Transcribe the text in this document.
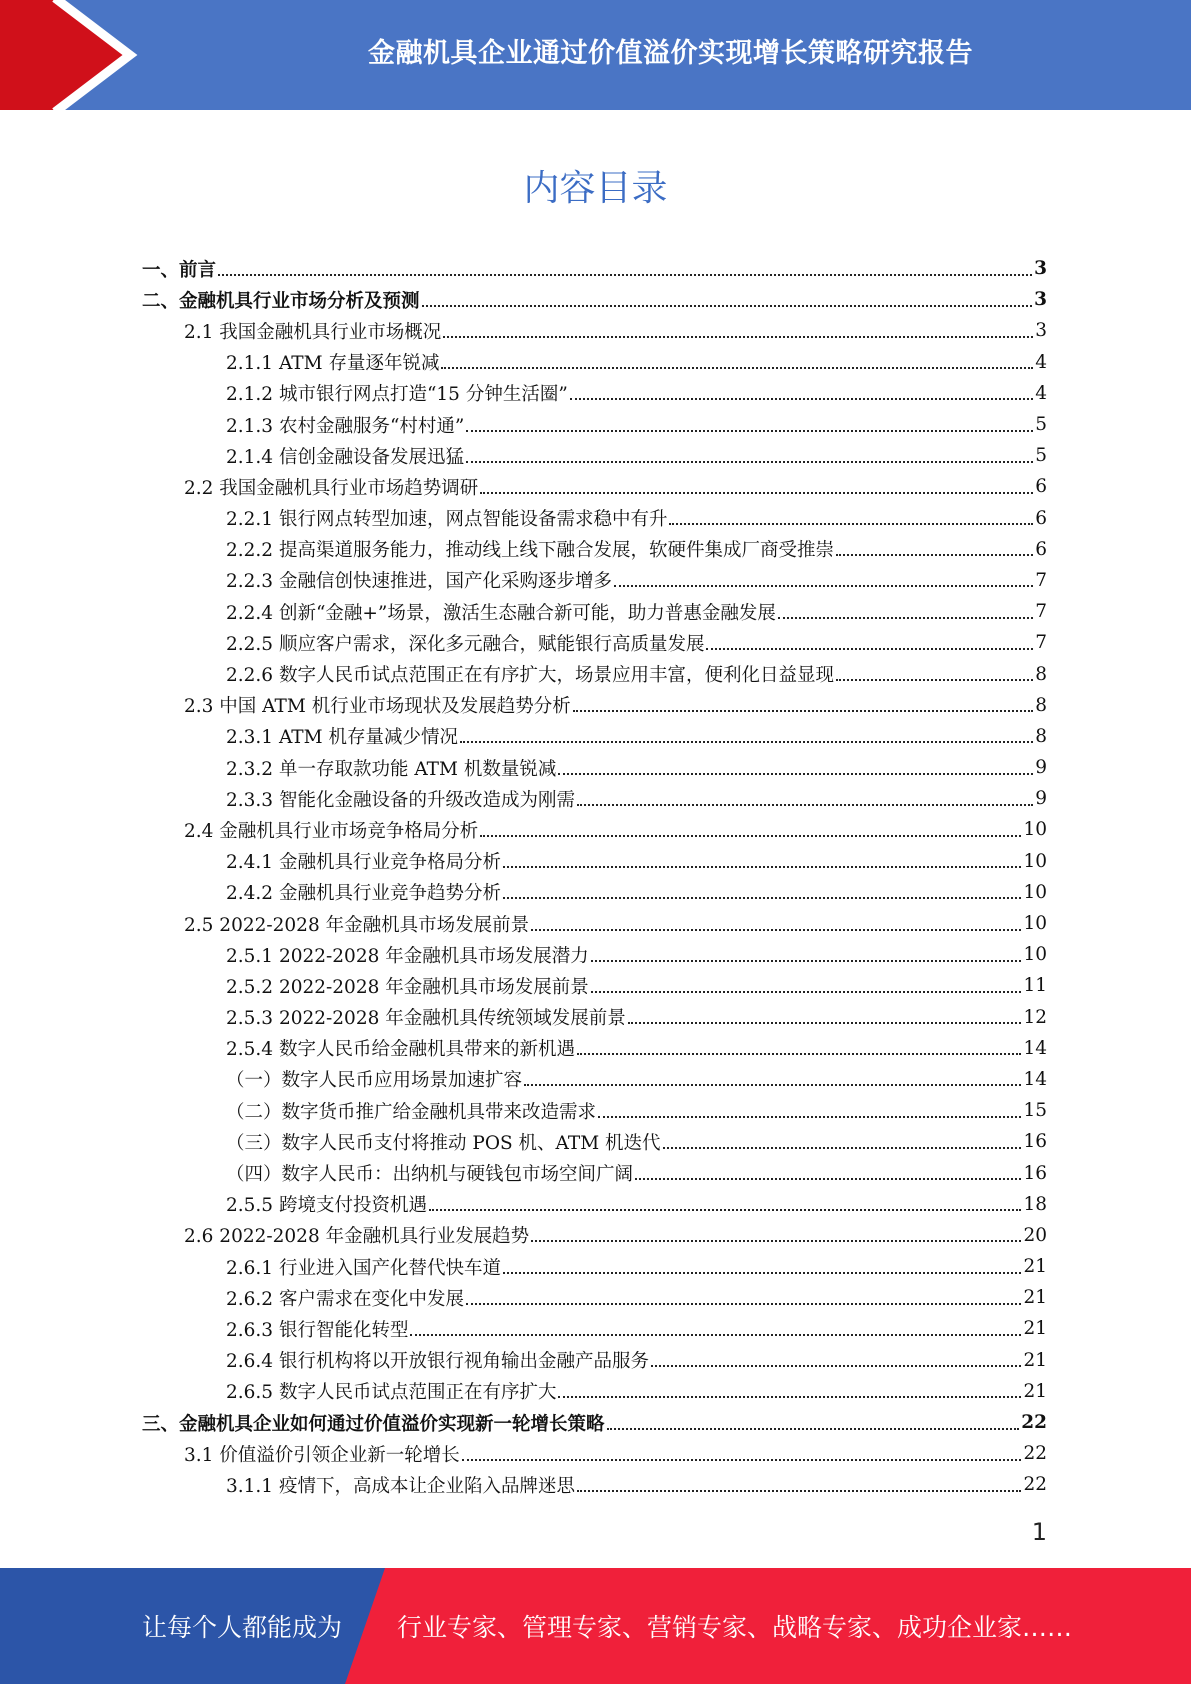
金融机具企业通过价值溢价实现增长策略研究报告
内容目录
一、前言	3
二、金融机具行业市场分析及预测	3
2.1 我国金融机具行业市场概况	3
2.1.1 ATM 存量逐年锐减	4
2.1.2 城市银行网点打造“15 分钟生活圈”	4
2.1.3 农村金融服务“村村通”	5
2.1.4 信创金融设备发展迅猛	5
2.2 我国金融机具行业市场趋势调研	6
2.2.1 银行网点转型加速，网点智能设备需求稳中有升	6
2.2.2 提高渠道服务能力，推动线上线下融合发展，软硬件集成厂商受推崇	6
2.2.3 金融信创快速推进，国产化采购逐步增多	7
2.2.4 创新“金融+”场景，激活生态融合新可能，助力普惠金融发展	7
2.2.5 顺应客户需求，深化多元融合，赋能银行高质量发展	7
2.2.6 数字人民币试点范围正在有序扩大，场景应用丰富，便利化日益显现	8
2.3 中国 ATM 机行业市场现状及发展趋势分析	8
2.3.1 ATM 机存量减少情况	8
2.3.2 单一存取款功能 ATM 机数量锐减	9
2.3.3 智能化金融设备的升级改造成为刚需	9
2.4 金融机具行业市场竞争格局分析	10
2.4.1 金融机具行业竞争格局分析	10
2.4.2 金融机具行业竞争趋势分析	10
2.5 2022-2028 年金融机具市场发展前景	10
2.5.1 2022-2028 年金融机具市场发展潜力	10
2.5.2 2022-2028 年金融机具市场发展前景	11
2.5.3 2022-2028 年金融机具传统领域发展前景	12
2.5.4 数字人民币给金融机具带来的新机遇	14
（一）数字人民币应用场景加速扩容	14
（二）数字货币推广给金融机具带来改造需求	15
（三）数字人民币支付将推动 POS 机、ATM 机迭代	16
（四）数字人民币：出纳机与硬钱包市场空间广阔	16
2.5.5 跨境支付投资机遇	18
2.6 2022-2028 年金融机具行业发展趋势	20
2.6.1 行业进入国产化替代快车道	21
2.6.2 客户需求在变化中发展	21
2.6.3 银行智能化转型	21
2.6.4 银行机构将以开放银行视角输出金融产品服务	21
2.6.5 数字人民币试点范围正在有序扩大	21
三、金融机具企业如何通过价值溢价实现新一轮增长策略	22
3.1 价值溢价引领企业新一轮增长	22
3.1.1 疫情下，高成本让企业陷入品牌迷思	22
1
让每个人都能成为 行业专家、管理专家、营销专家、战略专家、成功企业家……
